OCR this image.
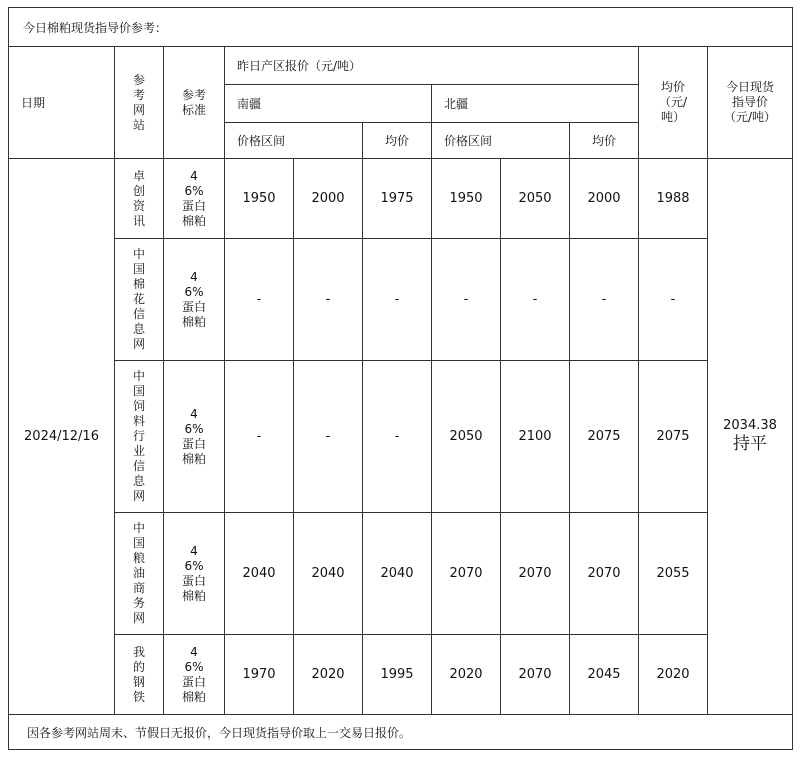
今日棉粕现货指导价参考：										
日期	参考网站	参考标准	昨日产区报价（元/吨）						均价（元/吨）	今日现货指导价（元/吨）

			南疆			北疆				
			价格区间		均价	价格区间		均价		
2024/12/16	卓创资讯	46%蛋白棉粕	1950	2000	1975	1950	2050	2000	1988	2034.38
持平

	中国棉花信息网	46%蛋白棉粕	-	-	-	-	-	-	-	

	中国饲料行业信息网	46%蛋白棉粕	-	-	-	2050	2100	2075	2075	

	中国粮油商务网	46%蛋白棉粕	2040	2040	2040	2070	2070	2070	2055	

	我的钢铁	46%蛋白棉粕	1970	2020	1995	2020	2070	2045	2020	
因各参考网站周末、节假日无报价，今日现货指导价取上一交易日报价。										
